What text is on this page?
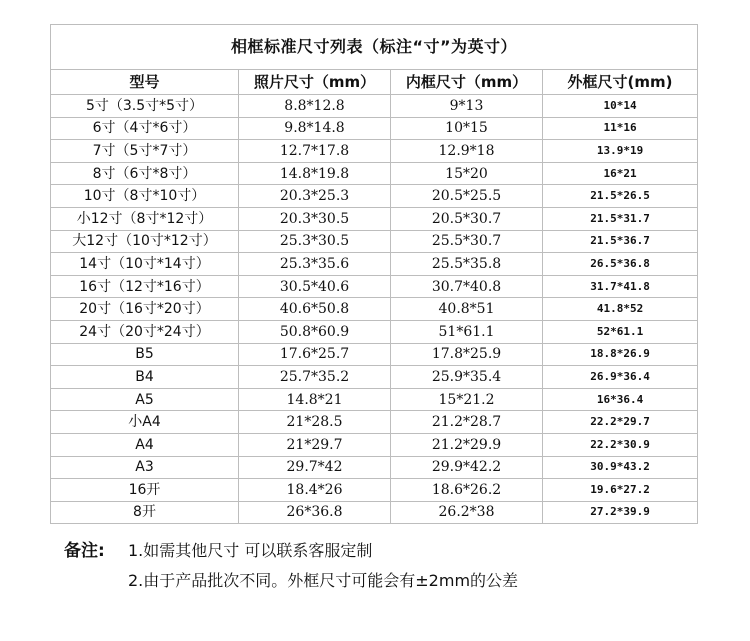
相框标准尺寸列表（标注“寸”为英寸）			
型号	照片尺寸（mm）	内框尺寸（mm）	外框尺寸(mm)
5寸（3.5寸*5寸）	8.8*12.8	9*13	10*14
6寸（4寸*6寸）	9.8*14.8	10*15	11*16
7寸（5寸*7寸）	12.7*17.8	12.9*18	13.9*19
8寸（6寸*8寸）	14.8*19.8	15*20	16*21
10寸（8寸*10寸）	20.3*25.3	20.5*25.5	21.5*26.5
小12寸（8寸*12寸）	20.3*30.5	20.5*30.7	21.5*31.7
大12寸（10寸*12寸）	25.3*30.5	25.5*30.7	21.5*36.7
14寸（10寸*14寸）	25.3*35.6	25.5*35.8	26.5*36.8
16寸（12寸*16寸）	30.5*40.6	30.7*40.8	31.7*41.8
20寸（16寸*20寸）	40.6*50.8	40.8*51	41.8*52
24寸（20寸*24寸）	50.8*60.9	51*61.1	52*61.1
B5	17.6*25.7	17.8*25.9	18.8*26.9
B4	25.7*35.2	25.9*35.4	26.9*36.4
A5	14.8*21	15*21.2	16*36.4
小A4	21*28.5	21.2*28.7	22.2*29.7
A4	21*29.7	21.2*29.9	22.2*30.9
A3	29.7*42	29.9*42.2	30.9*43.2
16开	18.4*26	18.6*26.2	19.6*27.2
8开	26*36.8	26.2*38	27.2*39.9
备注: 1.如需其他尺寸 可以联系客服定制
2.由于产品批次不同。外框尺寸可能会有±2mm的公差
